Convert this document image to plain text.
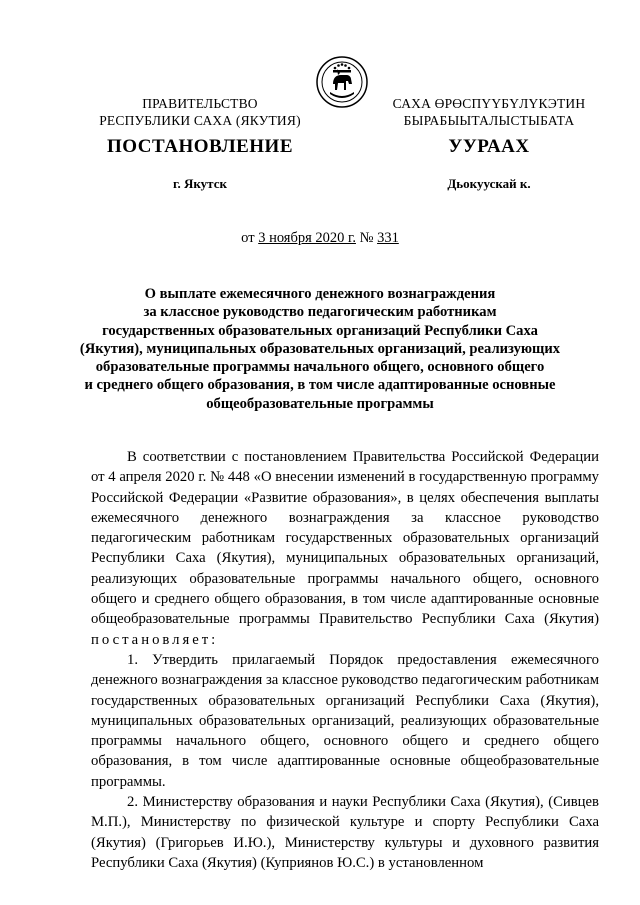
ПРАВИТЕЛЬСТВО
РЕСПУБЛИКИ САХА (ЯКУТИЯ)
САХА ӨРӨСПҮҮБҮЛҮКЭТИН
БЫРАБЫЫТАЛЫСТЫБАТА
ПОСТАНОВЛЕНИЕ	УУРААХ
г. Якутск	Дьокуускай к.
от 3 ноября 2020 г. № 331
О выплате ежемесячного денежного вознаграждения
за классное руководство педагогическим работникам
государственных образовательных организаций Республики Саха
(Якутия), муниципальных образовательных организаций, реализующих
образовательные программы начального общего, основного общего
и среднего общего образования, в том числе адаптированные основные
общеобразовательные программы

В соответствии с постановлением Правительства Российской Федерации от 4 апреля 2020 г. № 448 «О внесении изменений в государственную программу Российской Федерации «Развитие образования», в целях обеспечения выплаты ежемесячного денежного вознаграждения за классное руководство педагогическим работникам государственных образовательных организаций Республики Саха (Якутия), муниципальных образовательных организаций, реализующих образовательные программы начального общего, основного общего и среднего общего образования, в том числе адаптированные основные общеобразовательные программы Правительство Республики Саха (Якутия) постановляет:

1. Утвердить прилагаемый Порядок предоставления ежемесячного денежного вознаграждения за классное руководство педагогическим работникам государственных образовательных организаций Республики Саха (Якутия), муниципальных образовательных организаций, реализующих образовательные программы начального общего, основного общего и среднего общего образования, в том числе адаптированные основные общеобразовательные программы.

2. Министерству образования и науки Республики Саха (Якутия), (Сивцев М.П.), Министерству по физической культуре и спорту Республики Саха (Якутия) (Григорьев И.Ю.), Министерству культуры и духовного развития Республики Саха (Якутия) (Куприянов Ю.С.) в установленном
